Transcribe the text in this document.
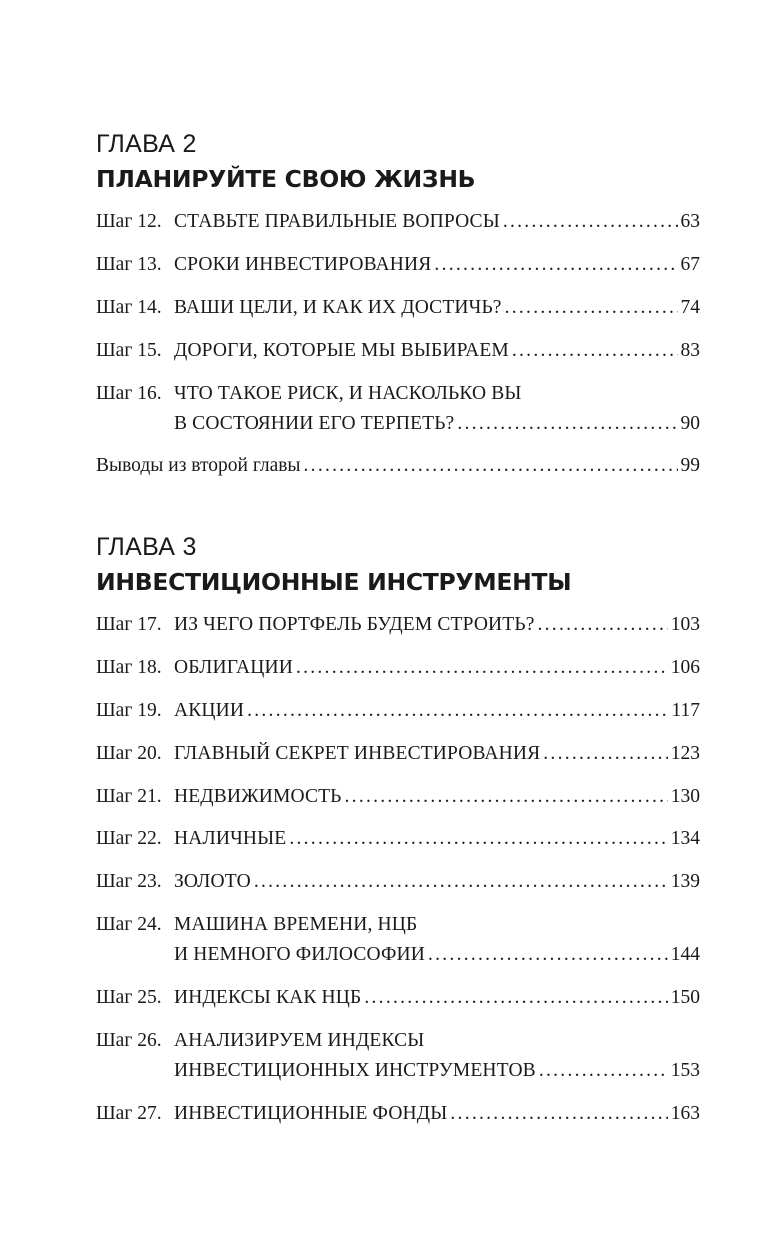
ГЛАВА 2
ПЛАНИРУЙТЕ СВОЮ ЖИЗНЬ
Шаг 12. СТАВЬТЕ ПРАВИЛЬНЫЕ ВОПРОСЫ . . .	63
Шаг 13. СРОКИ ИНВЕСТИРОВАНИЯ . . .	67
Шаг 14. ВАШИ ЦЕЛИ, И КАК ИХ ДОСТИЧЬ? . . .	74
Шаг 15. ДОРОГИ, КОТОРЫЕ МЫ ВЫБИРАЕМ . . .	83
Шаг 16. ЧТО ТАКОЕ РИСК, И НАСКОЛЬКО ВЫ
В СОСТОЯНИИ ЕГО ТЕРПЕТЬ? . . .	90
Выводы из второй главы . . .	99
ГЛАВА 3
ИНВЕСТИЦИОННЫЕ ИНСТРУМЕНТЫ
Шаг 17. ИЗ ЧЕГО ПОРТФЕЛЬ БУДЕМ СТРОИТЬ? . . .	103
Шаг 18. ОБЛИГАЦИИ . . .	106
Шаг 19. АКЦИИ . . .	117
Шаг 20. ГЛАВНЫЙ СЕКРЕТ ИНВЕСТИРОВАНИЯ . . .	123
Шаг 21. НЕДВИЖИМОСТЬ . . .	130
Шаг 22. НАЛИЧНЫЕ . . .	134
Шаг 23. ЗОЛОТО . . .	139
Шаг 24. МАШИНА ВРЕМЕНИ, НЦБ
И НЕМНОГО ФИЛОСОФИИ . . .	144
Шаг 25. ИНДЕКСЫ КАК НЦБ . . .	150
Шаг 26. АНАЛИЗИРУЕМ ИНДЕКСЫ
ИНВЕСТИЦИОННЫХ ИНСТРУМЕНТОВ . . .	153
Шаг 27. ИНВЕСТИЦИОННЫЕ ФОНДЫ . . .	163
